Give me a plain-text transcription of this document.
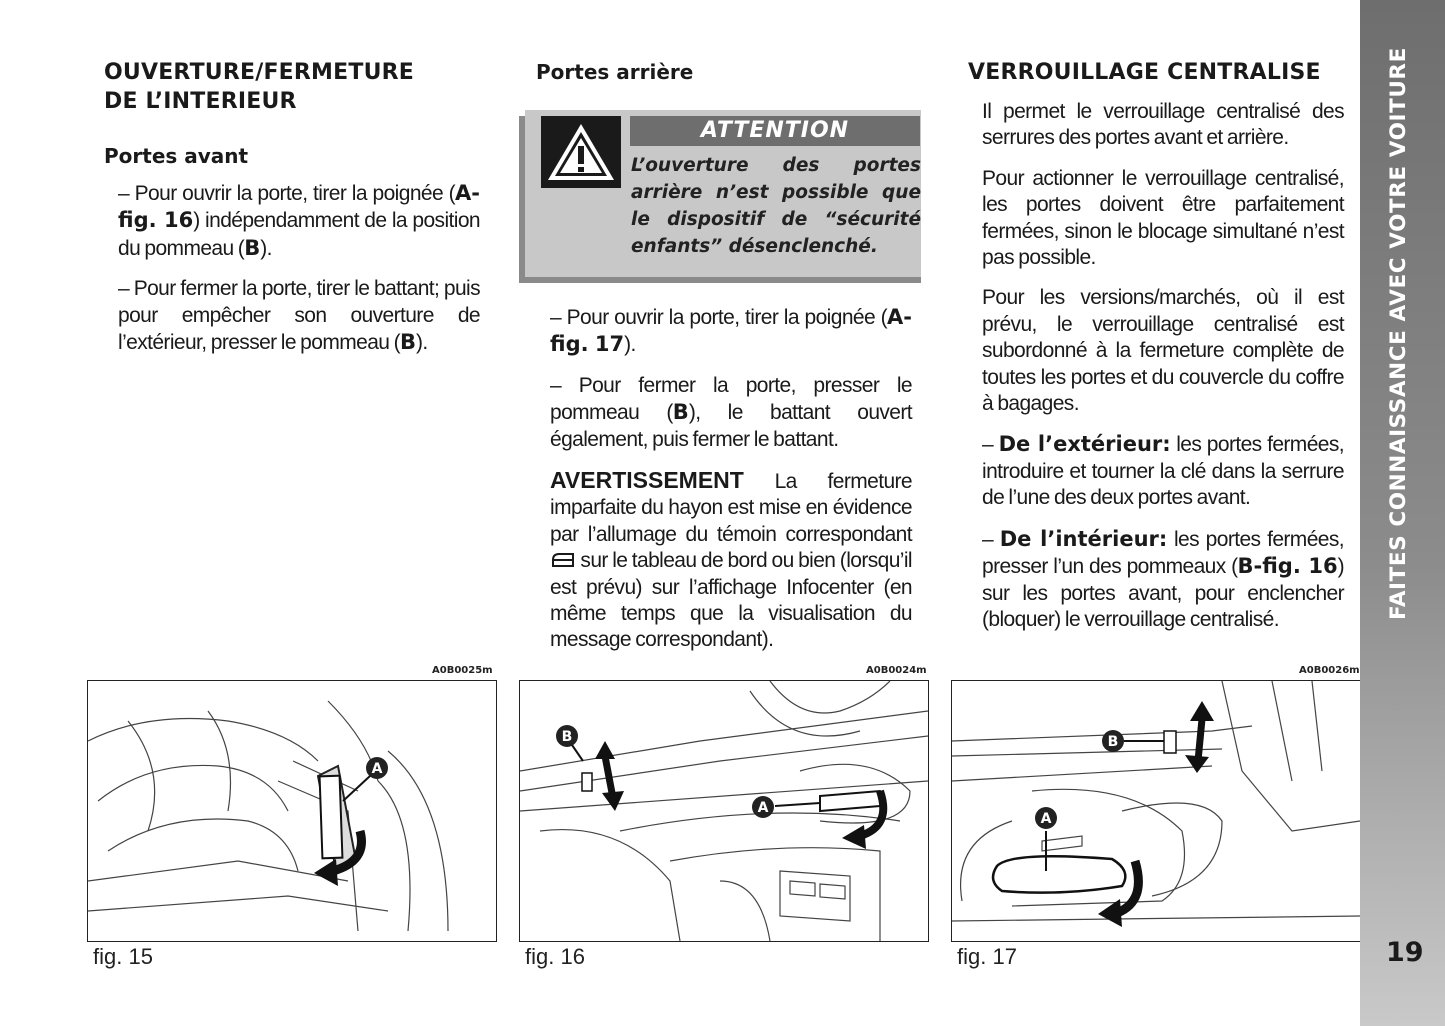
OUVERTURE/FERMETURE
DE L’INTERIEUR
Portes avant

– Pour ouvrir la porte, tirer la poignée (A-fig. 16) indépendamment de la position du pommeau (B).

– Pour fermer la porte, tirer le battant; puis pour empêcher son ouverture de l’extérieur, presser le pommeau (B).

Portes arrière
ATTENTION
L’ouverture des portes arrière n’est possible que le dispositif de “sécurité enfants” désenclenché.

– Pour ouvrir la porte, tirer la poignée (A-fig. 17).

– Pour fermer la porte, presser le pommeau (B), le battant ouvert également, puis fermer le battant.

AVERTISSEMENT La fermeture imparfaite du hayon est mise en évidence par l’allumage du témoin correspondant  sur le tableau de bord ou bien (lorsqu’il est prévu) sur l’affichage Infocenter (en même temps que la visualisation du message correspondant).

VERROUILLAGE CENTRALISE

Il permet le verrouillage centralisé des serrures des portes avant et arrière.

Pour actionner le verrouillage centralisé, les portes doivent être parfaitement fermées, sinon le blocage simultané n’est pas possible.

Pour les versions/marchés, où il est prévu, le verrouillage centralisé est subordonné à la fermeture complète de toutes les portes et du couvercle du coffre à bagages.

– De l’extérieur: les portes fermées, introduire et tourner la clé dans la serrure de l’une des deux portes avant.

– De l’intérieur: les portes fermées, presser l’un des pommeaux (B-fig. 16) sur les portes avant, pour enclencher (bloquer) le verrouillage centralisé.

A0B0025m
A
fig. 15
A0B0024m
B
A
fig. 16
A0B0026m
B
A
fig. 17
FAITES CONNAISSANCE AVEC VOTRE VOITURE
19
